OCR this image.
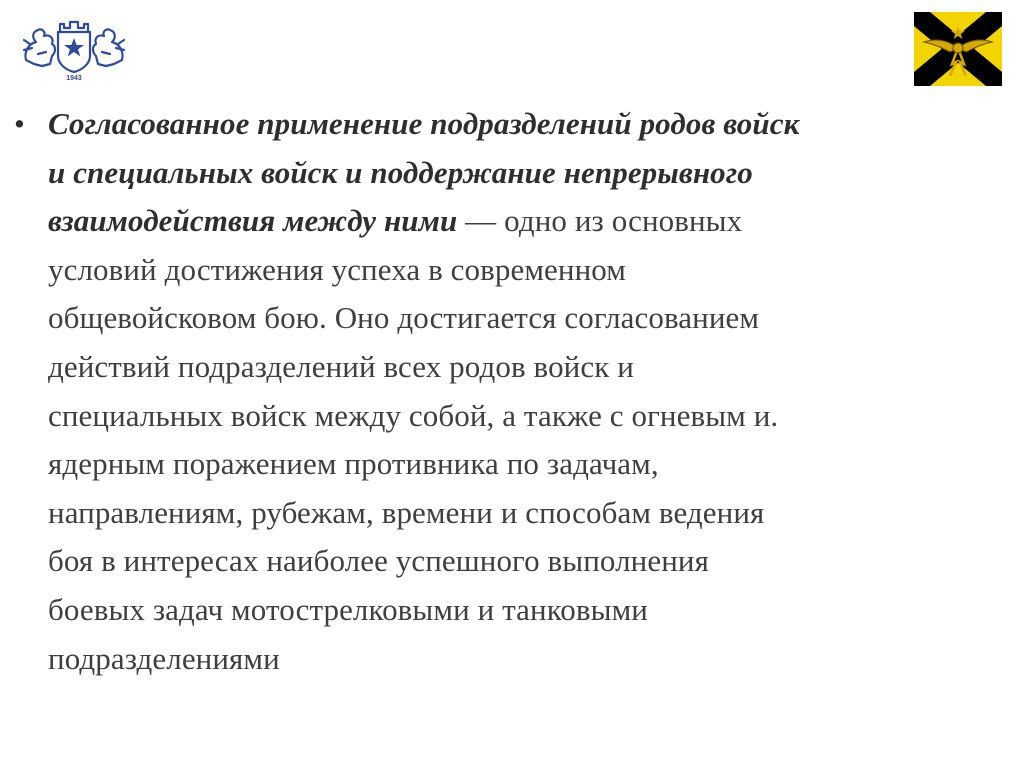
1943
• Согласованное применение подразделений родов войск
и специальных войск и поддержание непрерывного
взаимодействия между ними — одно из основных
условий достижения успеха в современном
общевойсковом бою. Оно достигается согласованием
действий подразделений всех родов войск и
специальных войск между собой, а также с огневым и.
ядерным поражением противника по задачам,
направлениям, рубежам, времени и способам ведения
боя в интересах наиболее успешного выполнения
боевых задач мотострелковыми и танковыми
подразделениями
